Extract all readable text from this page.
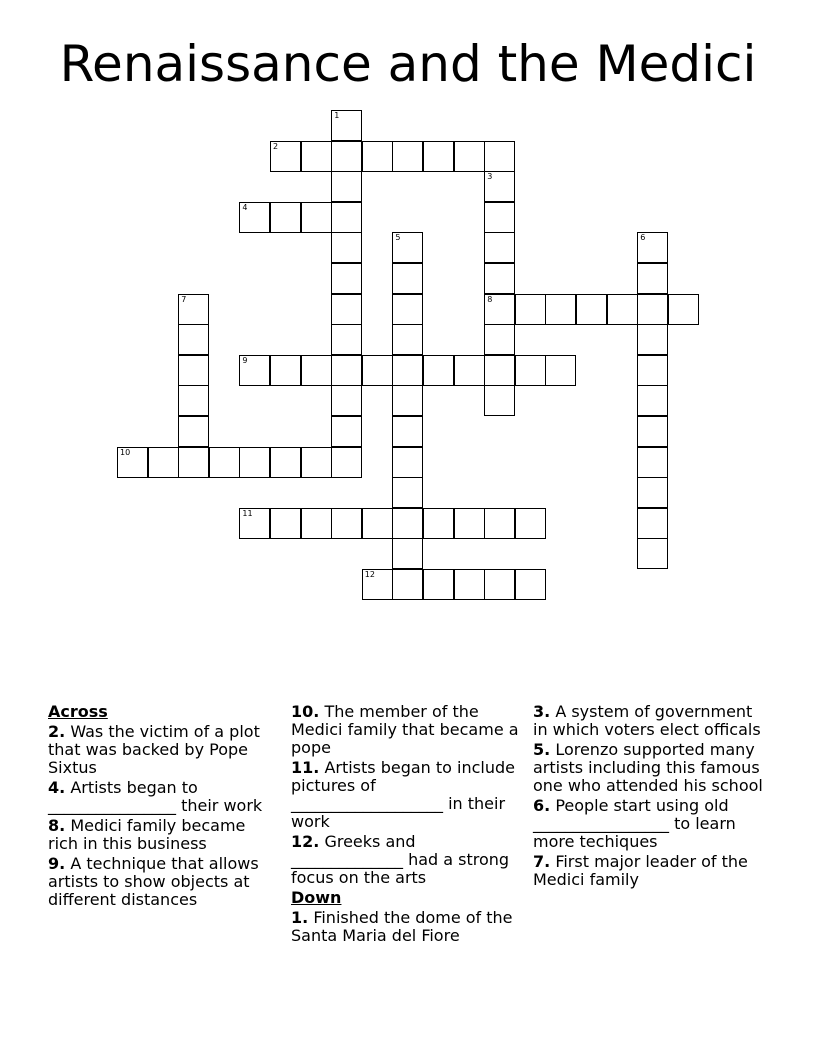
Renaissance and the Medici
1
2
3
8
4
5	6
7
9
10
11
12
Across
2. Was the victim of a plot that was backed by Pope Sixtus
4. Artists began to ________________ their work
8. Medici family became rich in this business
9. A technique that allows artists to show objects at different distances
10. The member of the Medici family that became a pope
11. Artists began to include pictures of ___________________ in their work
12. Greeks and ______________ had a strong focus on the arts
Down
1. Finished the dome of the Santa Maria del Fiore
3. A system of government in which voters elect officals
5. Lorenzo supported many artists including this famous one who attended his school
6. People start using old _________________ to learn more techiques
7. First major leader of the Medici family
